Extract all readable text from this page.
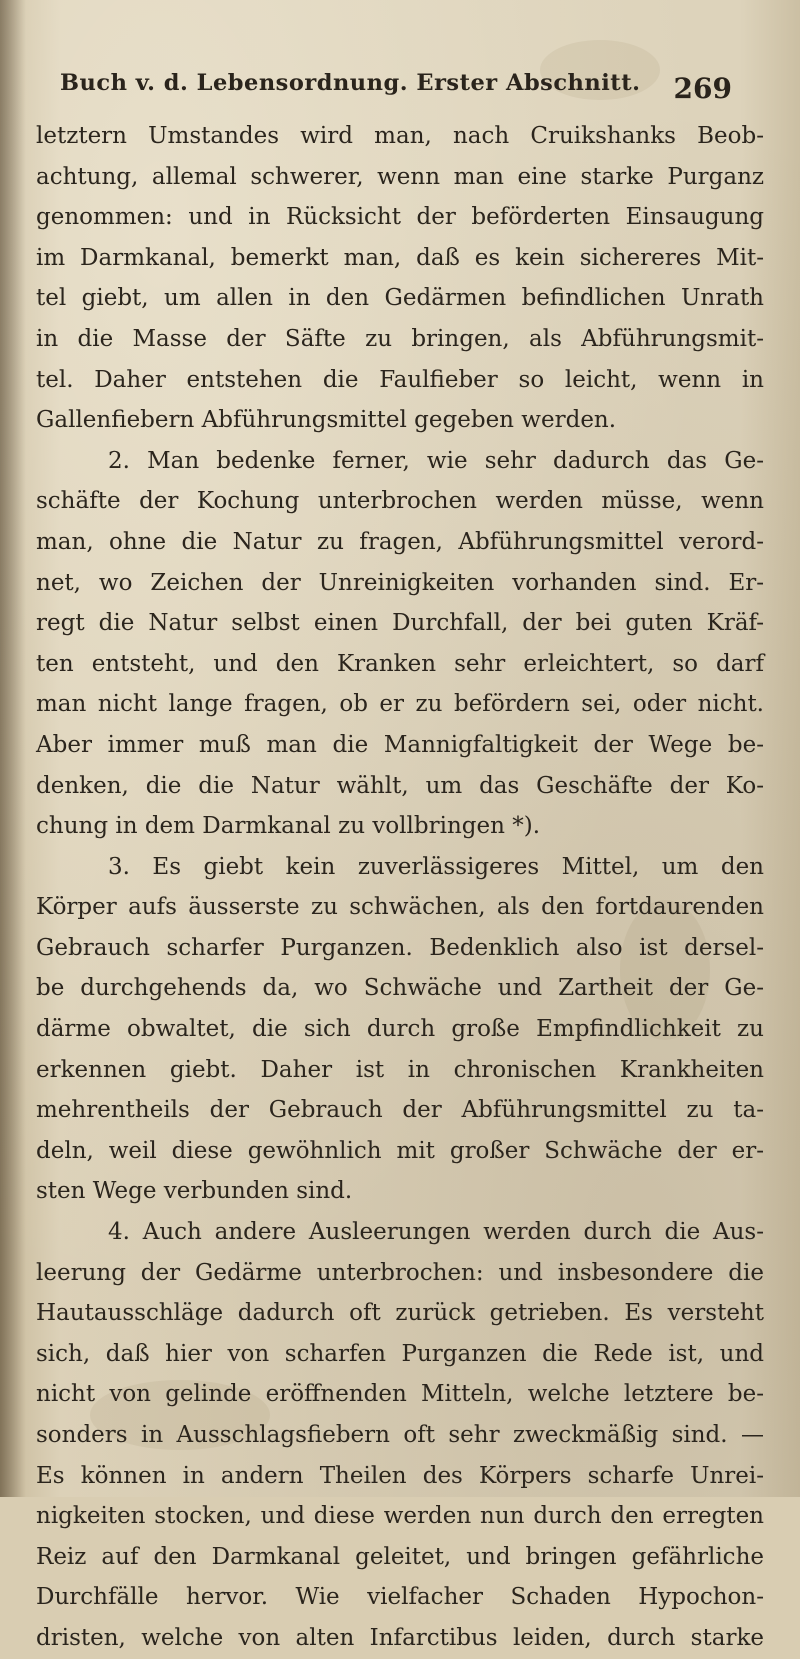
Buch v. d. Lebensordnung. Erster Abschnitt. 269
letztern Umstandes wird man, nach Cruikshanks Beob-
achtung, allemal schwerer, wenn man eine starke Purganz
genommen: und in Rücksicht der beförderten Einsaugung
im Darmkanal, bemerkt man, daß es kein sichereres Mit-
tel giebt, um allen in den Gedärmen befindlichen Unrath
in die Masse der Säfte zu bringen, als Abführungsmit-
tel. Daher entstehen die Faulfieber so leicht, wenn in
Gallenfiebern Abführungsmittel gegeben werden.
2. Man bedenke ferner, wie sehr dadurch das Ge-
schäfte der Kochung unterbrochen werden müsse, wenn
man, ohne die Natur zu fragen, Abführungsmittel verord-
net, wo Zeichen der Unreinigkeiten vorhanden sind. Er-
regt die Natur selbst einen Durchfall, der bei guten Kräf-
ten entsteht, und den Kranken sehr erleichtert, so darf
man nicht lange fragen, ob er zu befördern sei, oder nicht.
Aber immer muß man die Mannigfaltigkeit der Wege be-
denken, die die Natur wählt, um das Geschäfte der Ko-
chung in dem Darmkanal zu vollbringen *).
3. Es giebt kein zuverlässigeres Mittel, um den
Körper aufs äusserste zu schwächen, als den fortdaurenden
Gebrauch scharfer Purganzen. Bedenklich also ist dersel-
be durchgehends da, wo Schwäche und Zartheit der Ge-
därme obwaltet, die sich durch große Empfindlichkeit zu
erkennen giebt. Daher ist in chronischen Krankheiten
mehrentheils der Gebrauch der Abführungsmittel zu ta-
deln, weil diese gewöhnlich mit großer Schwäche der er-
sten Wege verbunden sind.
4. Auch andere Ausleerungen werden durch die Aus-
leerung der Gedärme unterbrochen: und insbesondere die
Hautausschläge dadurch oft zurück getrieben. Es versteht
sich, daß hier von scharfen Purganzen die Rede ist, und
nicht von gelinde eröffnenden Mitteln, welche letztere be-
sonders in Ausschlagsfiebern oft sehr zweckmäßig sind. —
Es können in andern Theilen des Körpers scharfe Unrei-
nigkeiten stocken, und diese werden nun durch den erregten
Reiz auf den Darmkanal geleitet, und bringen gefährliche
Durchfälle hervor. Wie vielfacher Schaden Hypochon-
dristen, welche von alten Infarctibus leiden, durch starke
